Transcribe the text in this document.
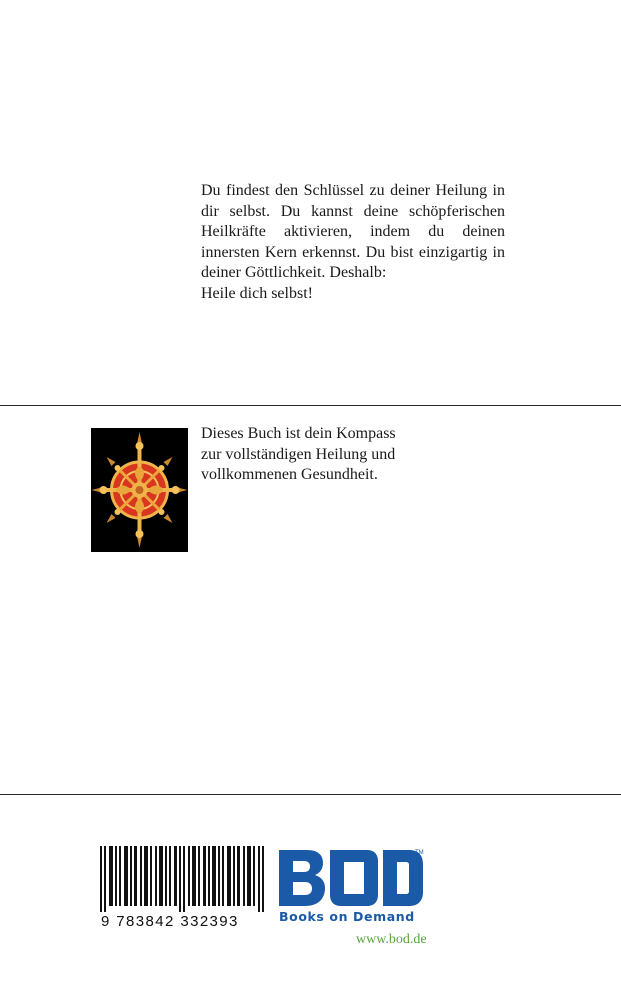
Du findest den Schlüssel zu deiner Heilung in
dir selbst. Du kannst deine schöpferischen
Heilkräfte aktivieren, indem du deinen
innersten Kern erkennst. Du bist einzigartig in
deiner Göttlichkeit. Deshalb:
Heile dich selbst!
Dieses Buch ist dein Kompass
zur vollständigen Heilung und
vollkommenen Gesundheit.
9 783842 332393
TM
Books on Demand
www.bod.de
